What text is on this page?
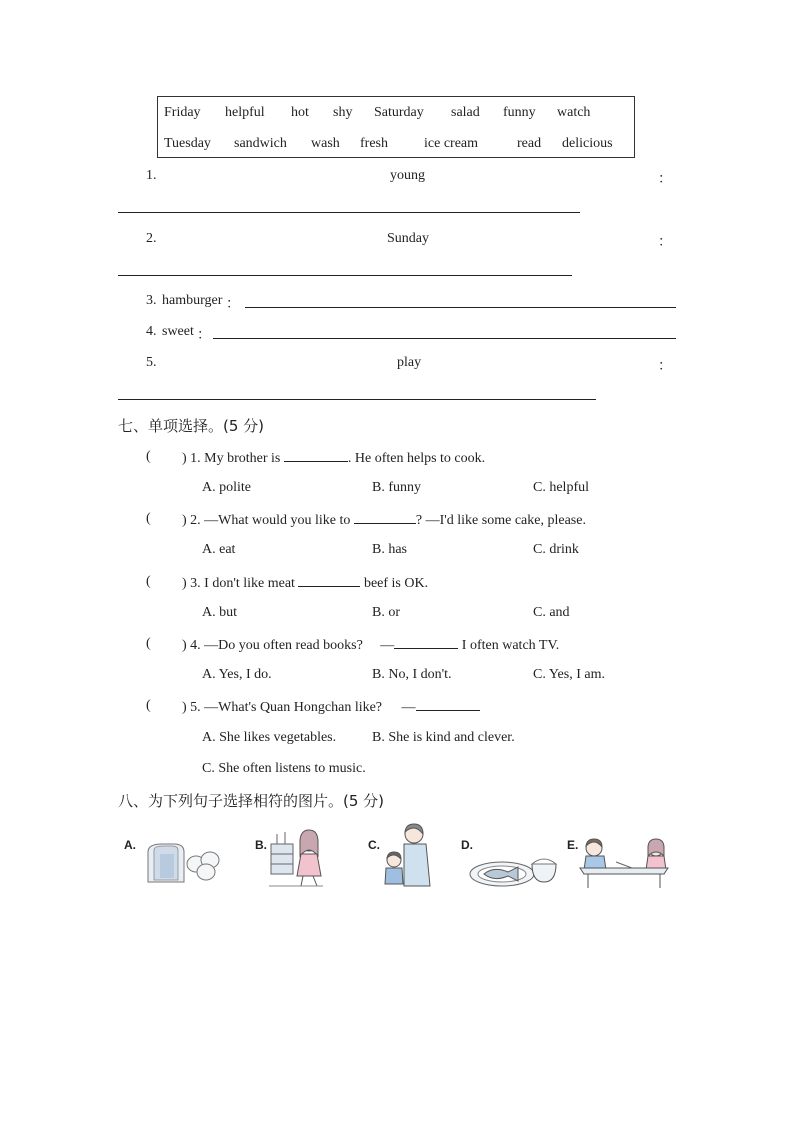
Friday helpful hot shy Saturday salad funny watch
Tuesday sandwich wash fresh	ice cream	read delicious
1.	young	：
2.	Sunday	：
3. hamburger ：
4. sweet ：
5.	play	：
七、单项选择。(5 分)
( ) 1. My brother is	. He often helps to cook.
A. polite	B. funny	C. helpful
( ) 2. —What would you like to	? —I'd like some cake, please.
A. eat	B. has	C. drink
( ) 3. I don't like meat	beef is OK.
A. but	B. or	C. and
( ) 4. —Do you often read books? —	I often watch TV.
A. Yes, I do.	B. No, I don't.	C. Yes, I am.
( ) 5. —What's Quan Hongchan like? —
A. She likes vegetables.	B. She is kind and clever.
C. She often listens to music.
八、为下列句子选择相符的图片。(5 分)
A.	B.	C.	D.	E.
